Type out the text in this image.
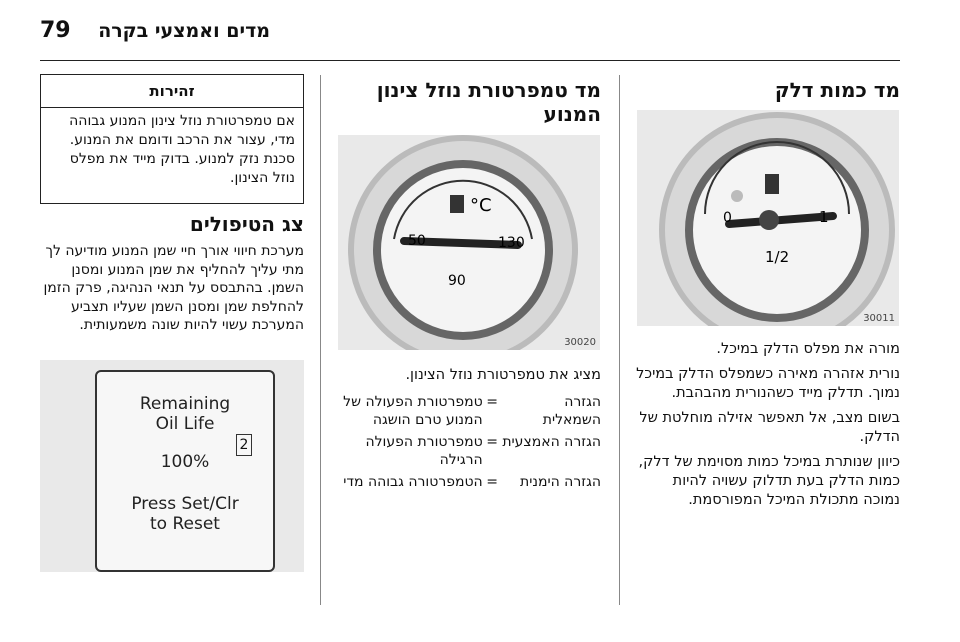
79 מדים ואמצעי בקרה
מד כמות דלק
0
1/2
1
30011

מורה את מפלס הדלק במיכל.

נורית אזהרה מאירה כשמפלס הדלק במיכל נמוך. תדלק מייד כשהנורית מהבהבת.

בשום מצב, אל תאפשר אזילה מוחלטת של הדלק.

כיוון שנותרת במיכל כמות מסוימת של דלק, כמות הדלק בעת תדלוק עשויה להיות נמוכה מתכולת המיכל המפורסמת.

מד טמפרטורת נוזל צינון המנוע
°C
50
90
130
30020

מציג את טמפרטורת נוזל הצינון.

הגזרה השמאלית
=
טמפרטורת הפעולה של המנוע טרם הושגה
הגזרה האמצעית
=
טמפרטורת הפעולה הרגילה
הגזרה הימנית
=
הטמפרטורה גבוהה מדי
זהירות
אם טמפרטורת נוזל צינון המנוע גבוהה מדי, עצור את הרכב ודומם את המנוע. סכנת נזק למנוע. בדוק מייד את מפלס נוזל הצינון.
צג הטיפולים

מערכת חיווי אורך חיי שמן המנוע מודיעה לך מתי עליך להחליף את שמן המנוע ומסנן השמן. בהתבסס על תנאי הנהיגה, פרק הזמן להחלפת שמן ומסנן השמן שעליו תצביע המערכת עשוי להיות שונה משמעותית.

Remaining
Oil Life
100%
Press Set/Clr
to Reset
2
